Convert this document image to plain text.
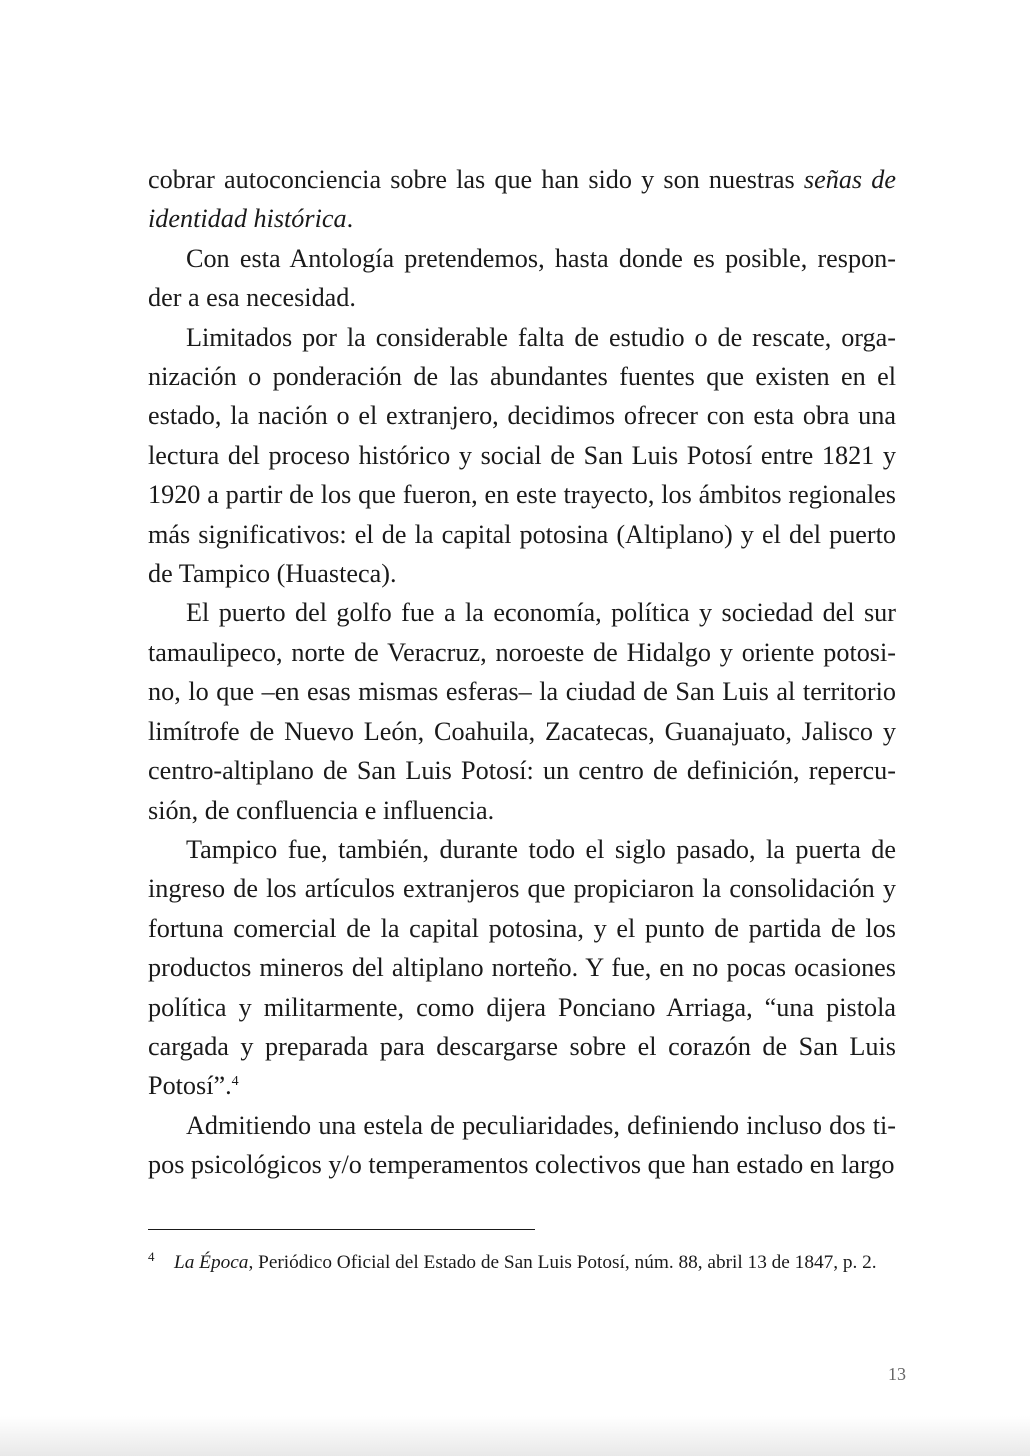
cobrar autoconciencia sobre las que han sido y son nuestras señas de identidad histórica.

Con esta Antología pretendemos, hasta donde es posible, respon-der a esa necesidad.

Limitados por la considerable falta de estudio o de rescate, orga-nización o ponderación de las abundantes fuentes que existen en el estado, la nación o el extranjero, decidimos ofrecer con esta obra una lectura del proceso histórico y social de San Luis Potosí entre 1821 y 1920 a partir de los que fueron, en este trayecto, los ámbitos regionales más significativos: el de la capital potosina (Altiplano) y el del puerto de Tampico (Huasteca).

El puerto del golfo fue a la economía, política y sociedad del sur tamaulipeco, norte de Veracruz, noroeste de Hidalgo y oriente potosi-no, lo que –en esas mismas esferas– la ciudad de San Luis al territorio limítrofe de Nuevo León, Coahuila, Zacatecas, Guanajuato, Jalisco y centro-altiplano de San Luis Potosí: un centro de definición, repercu-sión, de confluencia e influencia.

Tampico fue, también, durante todo el siglo pasado, la puerta de ingreso de los artículos extranjeros que propiciaron la consolidación y fortuna comercial de la capital potosina, y el punto de partida de los productos mineros del altiplano norteño. Y fue, en no pocas ocasiones política y militarmente, como dijera Ponciano Arriaga, “una pistola cargada y preparada para descargarse sobre el corazón de San Luis Potosí”.$^4$

Admitiendo una estela de peculiaridades, definiendo incluso dos ti-pos psicológicos y/o temperamentos colectivos que han estado en largo

4 La Época, Periódico Oficial del Estado de San Luis Potosí, núm. 88, abril 13 de 1847, p. 2.
13
